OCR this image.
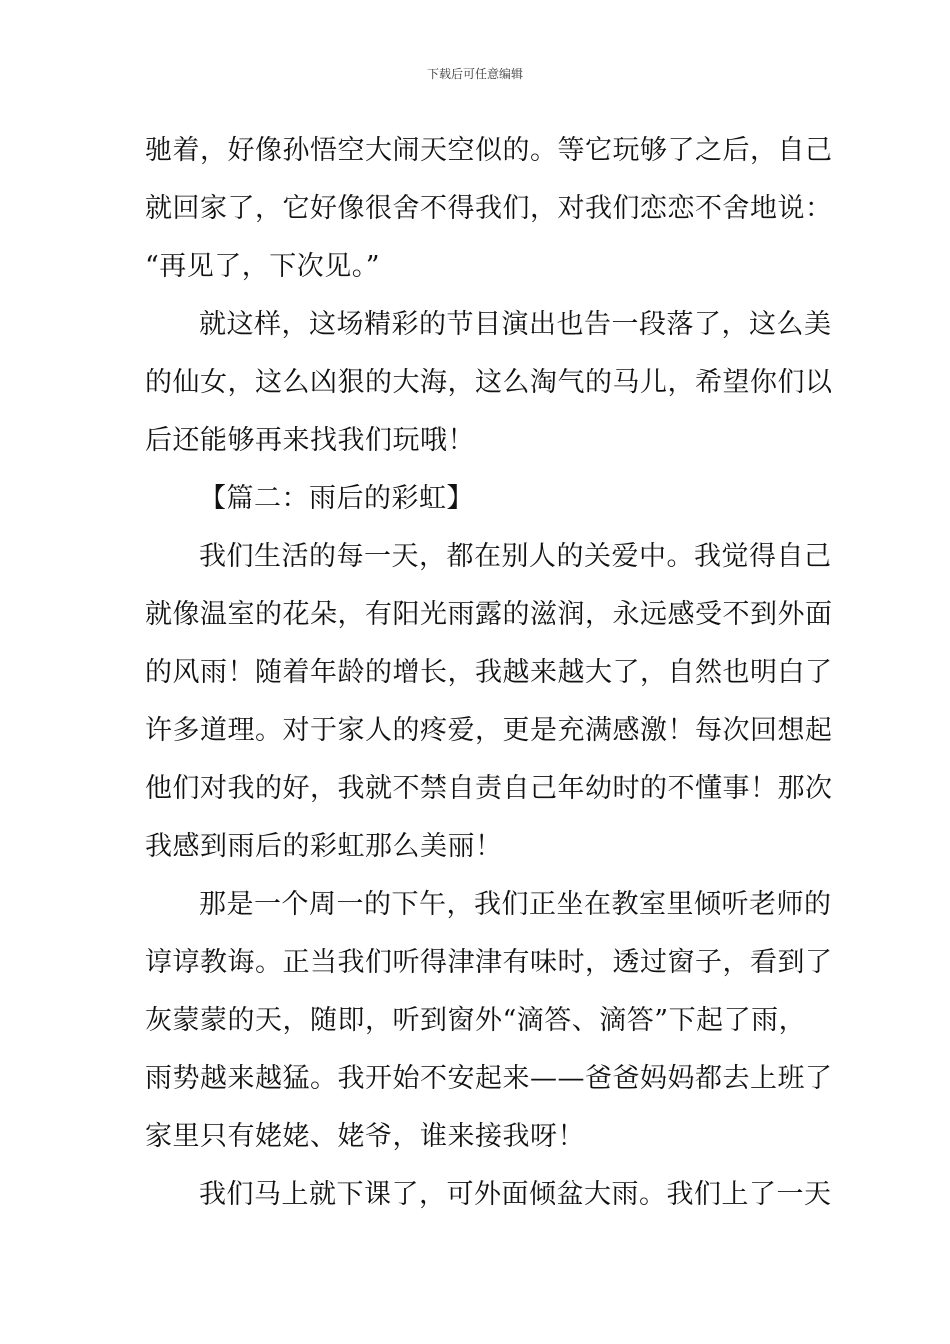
下载后可任意编辑
驰着，好像孙悟空大闹天空似的。等它玩够了之后，自己
就回家了，它好像很舍不得我们，对我们恋恋不舍地说：
“再见了，下次见。”
就这样，这场精彩的节目演出也告一段落了，这么美
的仙女，这么凶狠的大海，这么淘气的马儿，希望你们以
后还能够再来找我们玩哦！
【篇二：雨后的彩虹】
我们生活的每一天，都在别人的关爱中。我觉得自己
就像温室的花朵，有阳光雨露的滋润，永远感受不到外面
的风雨！随着年龄的增长，我越来越大了，自然也明白了
许多道理。对于家人的疼爱，更是充满感激！每次回想起
他们对我的好，我就不禁自责自己年幼时的不懂事！那次
我感到雨后的彩虹那么美丽！
那是一个周一的下午，我们正坐在教室里倾听老师的
谆谆教诲。正当我们听得津津有味时，透过窗子，看到了
灰蒙蒙的天，随即，听到窗外“滴答、滴答”下起了雨，
雨势越来越猛。我开始不安起来——爸爸妈妈都去上班了
家里只有姥姥、姥爷，谁来接我呀！
我们马上就下课了，可外面倾盆大雨。我们上了一天
